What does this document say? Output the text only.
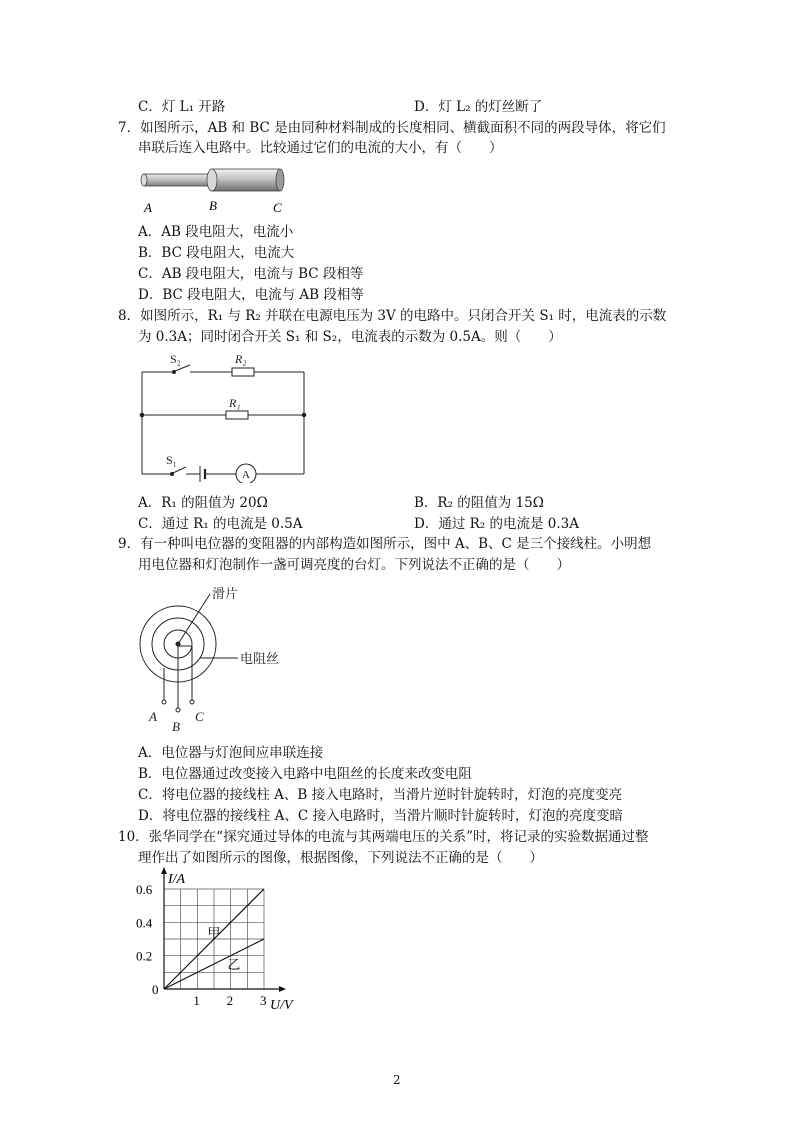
C．灯 L₁ 开路	D．灯 L₂ 的灯丝断了
7．如图所示，AB 和 BC 是由同种材料制成的长度相同、横截面积不同的两段导体，将它们
串联后连入电路中。比较通过它们的电流的大小，有（　　）
A	B	C
A．AB 段电阻大，电流小
B．BC 段电阻大，电流大
C．AB 段电阻大，电流与 BC 段相等
D．BC 段电阻大，电流与 AB 段相等
8．如图所示，R₁ 与 R₂ 并联在电源电压为 3V 的电路中。只闭合开关 S₁ 时，电流表的示数
为 0.3A；同时闭合开关 S₁ 和 S₂，电流表的示数为 0.5A。则（　　）
S₂	R₂
R₁
A
S₁
A．R₁ 的阻值为 20Ω	B．R₂ 的阻值为 15Ω
C．通过 R₁ 的电流是 0.5A	D．通过 R₂ 的电流是 0.3A
9．有一种叫电位器的变阻器的内部构造如图所示，图中 A、B、C 是三个接线柱。小明想
用电位器和灯泡制作一盏可调亮度的台灯。下列说法不正确的是（　　）
滑片
电阻丝
A
B
C
A．电位器与灯泡间应串联连接
B．电位器通过改变接入电路中电阻丝的长度来改变电阻
C．将电位器的接线柱 A、B 接入电路时，当滑片逆时针旋转时，灯泡的亮度变亮
D．将电位器的接线柱 A、C 接入电路时，当滑片顺时针旋转时，灯泡的亮度变暗
10．张华同学在“探究通过导体的电流与其两端电压的关系”时，将记录的实验数据通过整
理作出了如图所示的图像，根据图像，下列说法不正确的是（　　）
1 2 3
0.2
0.4
0.6
0
I/A
U/V
甲
乙
2
